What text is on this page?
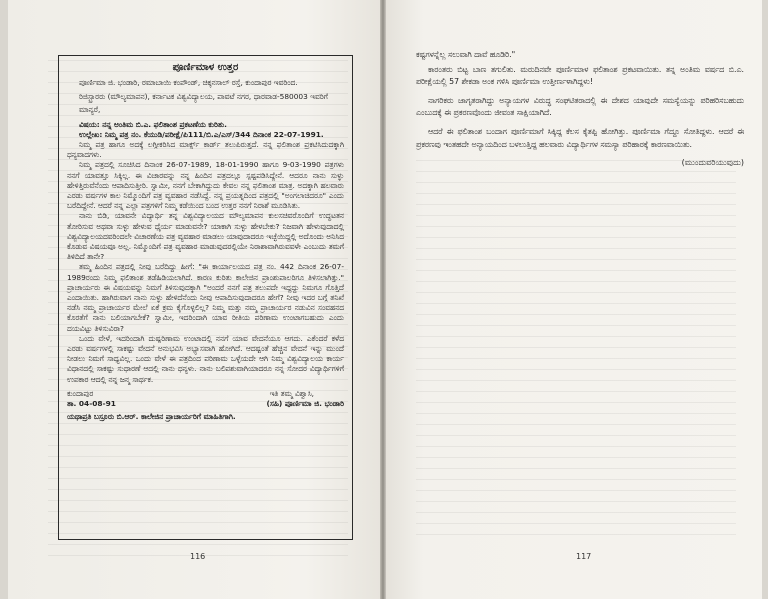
ಪೂರ್ಣಿಮಾಳ ಉತ್ತರ

ಪೂರ್ಣಿಮಾ ಜಿ. ಭಂಡಾರಿ, ರಮಾಬಾಯಿ ಕಂಪೌಂಡ್, ಚಿಕ್ಕನಸಾಲ್ ರಸ್ತೆ, ಕುಂದಾಪುರ ಇವರಿಂದ.

ರಿಜಿಸ್ಟ್ರಾರರು (ಮೌಲ್ಯಮಾಪನ), ಕರ್ನಾಟಕ ವಿಶ್ವವಿದ್ಯಾಲಯ, ಪಾವಟೆ ನಗರ, ಧಾರವಾಡ-580003 ಇವರಿಗೆ

ಮಾನ್ಯರೆ,

ವಿಷಯ: ನನ್ನ ಅಂತಿಮ ಬಿ.ಎ. ಫಲಿತಾಂಶ ಪ್ರಕಟಣೆಯ ಕುರಿತು.

ಉಲ್ಲೇಖ: ನಿಮ್ಮ ಪತ್ರ ನಂ. ಕೆಯುಡಿ/ಪರೀಕ್ಷೆ/ಪಿ111/ಬಿ.ಎ/ಎಸ್/344 ದಿನಾಂಕ 22-07-1991.

ನಿಮ್ಮ ಪತ್ರ ಹಾಗೂ ಅದಕ್ಕೆ ಲಗ್ಗೀಕರಿಸಿದ ಮಾರ್ಕ್ಸ್ ಕಾರ್ಡ್ ತಲುಪಿರುತ್ತದೆ. ನನ್ನ ಫಲಿತಾಂಶ ಪ್ರಕಟಿಸಿದುದಕ್ಕಾಗಿ ಧನ್ಯವಾದಗಳು.

ನಿಮ್ಮ ಪತ್ರದಲ್ಲಿ ಸೂಚಿಸಿದ ದಿನಾಂಕ 26-07-1989, 18-01-1990 ಹಾಗೂ 9-03-1990 ಪತ್ರಗಳು ನನಗೆ ಯಾವತ್ತೂ ಸಿಕ್ಕಿಲ್ಲ. ಈ ವಿಚಾರವನ್ನು ನನ್ನ ಹಿಂದಿನ ಪತ್ರದಲ್ಲೂ ಸ್ಪಷ್ಟಪಡಿಸಿದ್ದೇನೆ. ಆದರೂ ನಾನು ಸುಳ್ಳು ಹೇಳಿತ್ತಿರುವೆನೆಂದು ಆಪಾದಿಸುತ್ತೀರಿ. ಸ್ವಾಮೀ, ನನಗೆ ಬೇಕಾಗಿದ್ದುದು ಕೇವಲ ನನ್ನ ಫಲಿತಾಂಶ ಮಾತ್ರ. ಅದಕ್ಕಾಗಿ ಹಲವಾರು ಎರಡು ವರ್ಷಗಳ ಕಾಲ ನಿಮ್ಮೊಂದಿಗೆ ಪತ್ರ ವ್ಯವಹಾರ ನಡೆಸಿದ್ದೆ. ನನ್ನ ಪ್ರಯತ್ನದಿಂದ ಪತ್ರದಲ್ಲಿ "ಅಂಗಲಾಚಿದರೂ" ಎಂದು ಬರೆದಿದ್ದೇನೆ. ಆದರೆ ನನ್ನ ಎಲ್ಲಾ ಪತ್ರಗಳಿಗೆ ನಿಮ್ಮ ಕಡೆಯಿಂದ ಬಂದ ಉತ್ತರ ನನಗೆ ನಿರಾಶೆ ಮೂಡಿಸಿತು.

ನಾನು ಬಿಡಿ, ಯಾವನೇ ವಿದ್ಯಾರ್ಥಿ ತನ್ನ ವಿಶ್ವವಿದ್ಯಾಲಯದ ಮೌಲ್ಯಮಾಪನ ಕುಲಸಚಿವರೊಂದಿಗೆ ಉದ್ಧಟತನ ತೋರಿಸುವ ಅಥವಾ ಸುಳ್ಳು ಹೇಳುವ ಧೈರ್ಯ ಮಾಡುವನೇ? ಯಾಕಾಗಿ ಸುಳ್ಳು ಹೇಳಬೇಕು? ನಿಜವಾಗಿ ಹೇಳುವುದಾದಲ್ಲಿ ವಿಶ್ವವಿದ್ಯಾಲಯದವರಿಂದಲೇ ವಿಚಾರಣೆಯ ಪತ್ರ ವ್ಯವಹಾರ ಮಾಡಲು ಯಾವುದಾದರೂ ಇಚ್ಛೆಯಿದ್ದಲ್ಲಿ ಅದೊಂದು ಅನಿಸಿದ ಕೊಡುವ ವಿಷಯವೂ ಅಲ್ಲ. ನಿಮ್ಮೊಂದಿಗೆ ಪತ್ರ ವ್ಯವಹಾರ ಮಾಡುವುದರಲ್ಲಿಯೇ ನಿರಾಶಾವಾಗಿರುವವಳೇ ಎಂಬುದು ತಮಗೆ ತಿಳಿದಿದೆ ತಾನೇ?

ತಮ್ಮ ಹಿಂದಿನ ಪತ್ರದಲ್ಲಿ ನೀವು ಬರೆದಿದ್ದು ಹೀಗೆ: "ಈ ಕಾರ್ಯಾಲಯದ ಪತ್ರ ನಂ. 442 ದಿನಾಂಕ 26-07-1989ರಂದು ನಿಮ್ಮ ಫಲಿತಾಂಶ ತಡೆಹಿಡಿಯಲಾಗಿದೆ. ಕಾರಣ ಕುರಿತು ಕಾಲೇಜಿನ ಪ್ರಾಂಶುಪಾಲರಿಗೂ ತಿಳಿಸಲಾಗಿತ್ತು." ಪ್ರಾಚಾರ್ಯರು ಈ ವಿಷಯವನ್ನು ನಿಮಗೆ ತಿಳಿಸುವುದಕ್ಕಾಗಿ "ಅಂದರೆ ನನಗೆ ಪತ್ರ ತಲುಪದೇ ಇದ್ದದ್ದು ನಿಮಗೂ ಗೊತ್ತಿದೆ ಎಂದಾಯಿತು. ಹಾಗಿರುವಾಗ ನಾನು ಸುಳ್ಳು ಹೇಳಿದೆನೆಂದು ನೀವು ಆಪಾದಿಸುವುದಾದರೂ ಹೇಗೆ? ನೀವು ಇದರ ಬಗ್ಗೆ ತನಿಖೆ ನಡೆಸಿ ನಮ್ಮ ಪ್ರಾಚಾರ್ಯರ ಮೇಲೆ ಏಕೆ ಕ್ರಮ ಕೈಗೊಳ್ಳಲಿಲ್ಲ? ನಿಮ್ಮ ಮತ್ತು ನಮ್ಮ ಪ್ರಾಚಾರ್ಯರ ನಡುವಿನ ಸಂವಹನದ ಕೊರತೆಗೆ ನಾನು ಬಲಿಯಾಗಬೇಕೆ? ಸ್ವಾಮೀ, ಇದರಿಂದಾಗಿ ಯಾವ ರೀತಿಯ ಪರಿಣಾಮ ಉಂಟಾಗಬಹುದು ಎಂದು ದಯವಿಟ್ಟು ತಿಳಿಸುವಿರಾ?

ಒಂದು ವೇಳೆ, ಇದರಿಂದಾಗಿ ದುಷ್ಪರಿಣಾಮ ಉಂಟಾದಲ್ಲಿ ನನಗೆ ಯಾವ ವೇದನೆಯೂ ಆಗದು. ಎಕೆಂದರೆ ಕಳೆದ ಎರಡು ವರ್ಷಗಳಲ್ಲಿ ಸಾಕಷ್ಟು ವೇದನೆ ಅನುಭವಿಸಿ ಅಭ್ಯಾಸವಾಗಿ ಹೋಗಿದೆ. ಆದಷ್ಟಂತೆ ಹೆಚ್ಚಿನ ವೇದನೆ ಇನ್ನು ಮುಂದೆ ನೀಡಲು ನಿಮಗೆ ಸಾಧ್ಯವಿಲ್ಲ. ಒಂದು ವೇಳೆ ಈ ಪತ್ರದಿಂದ ಪರಿಣಾಮ ಒಳ್ಳೆಯದೇ ಆಗಿ ನಿಮ್ಮ ವಿಶ್ವವಿದ್ಯಾಲಯ ಕಾರ್ಯ ವಿಧಾನದಲ್ಲಿ ಸಾಕಷ್ಟು ಸುಧಾರಣೆ ಆದಲ್ಲಿ ನಾನು ಧನ್ಯಳು. ನಾನು ಬಲಿಪಶುವಾಗಿಯಾದರೂ ನನ್ನ ಸೋದರ ವಿದ್ಯಾರ್ಥಿಗಳಿಗೆ ಉಪಕಾರ ಆದಲ್ಲಿ ನನ್ನ ಜನ್ಮ ಸಾರ್ಥಕ.

ಕುಂದಾಪುರ	ಇತಿ ತಮ್ಮ ವಿಶ್ವಾಸಿ,
ತಾ. 04-08-91	(ಸಹಿ) ಪೂರ್ಣಿಮಾ ಜಿ. ಭಂಡಾರಿ

ಯಥಾಪ್ರತಿ ಬಸ್ರೂರು ಬಿ.ಆರ್. ಕಾಲೇಜಿನ ಪ್ರಾಚಾರ್ಯರಿಗೆ ಮಾಹಿತಿಗಾಗಿ.

116

ಕಷ್ಟಗಳನ್ನೆಲ್ಲ ಸಲುವಾಗಿ ದಾವೆ ಹೂಡಿರಿ."

ಕಾರಂತರು ಬಿಟ್ಟ ಬಾಣ ತಗುಲಿತು. ಮರುದಿನವೇ ಪೂರ್ಣಿಮಾಳ ಫಲಿತಾಂಶ ಪ್ರಕಟವಾಯಿತು. ತನ್ನ ಅಂತಿಮ ವರ್ಷದ ಬಿ.ಎ. ಪರೀಕ್ಷೆಯಲ್ಲಿ 57 ಶೇಕಡಾ ಅಂಕ ಗಳಿಸಿ ಪೂರ್ಣಿಮಾ ಉತ್ತೀರ್ಣಳಾಗಿದ್ದಳು!

ನಾಗರಿಕರು ಜಾಗೃತರಾಗಿದ್ದು ಅನ್ಯಾಯಗಳ ವಿರುದ್ಧ ಸಂಘಟಿತರಾದಲ್ಲಿ ಈ ದೇಶದ ಯಾವುದೇ ಸಮಸ್ಯೆಯನ್ನು ಪರಿಹರಿಸಬಹುದು ಎಂಬುದಕ್ಕೆ ಈ ಪ್ರಕರಣವೊಂದು ಜೀವಂತ ಸಾಕ್ಷಿಯಾಗಿದೆ.

ಆದರೆ ಈ ಫಲಿತಾಂಶ ಬಂದಾಗ ಪೂರ್ಣಿಮಾಗೆ ಸಿಕ್ಕಿದ್ದ ಕೆಲಸ ಕೈತಪ್ಪಿ ಹೋಗಿತ್ತು. ಪೂರ್ಣಿಮಾ ಗೆದ್ದೂ ಸೋತಿದ್ದಳು. ಆದರೆ ಈ ಪ್ರಕರಣವು ಇಂತಹದೇ ಅನ್ಯಾಯದಿಂದ ಬಳಲುತ್ತಿದ್ದ ಹಲವಾರು ವಿದ್ಯಾರ್ಥಿಗಳ ಸಮಸ್ಯಾ ಪರಿಹಾರಕ್ಕೆ ಕಾರಣವಾಯಿತು.

(ಮುಂದುವರಿಯುವುದು)
117
